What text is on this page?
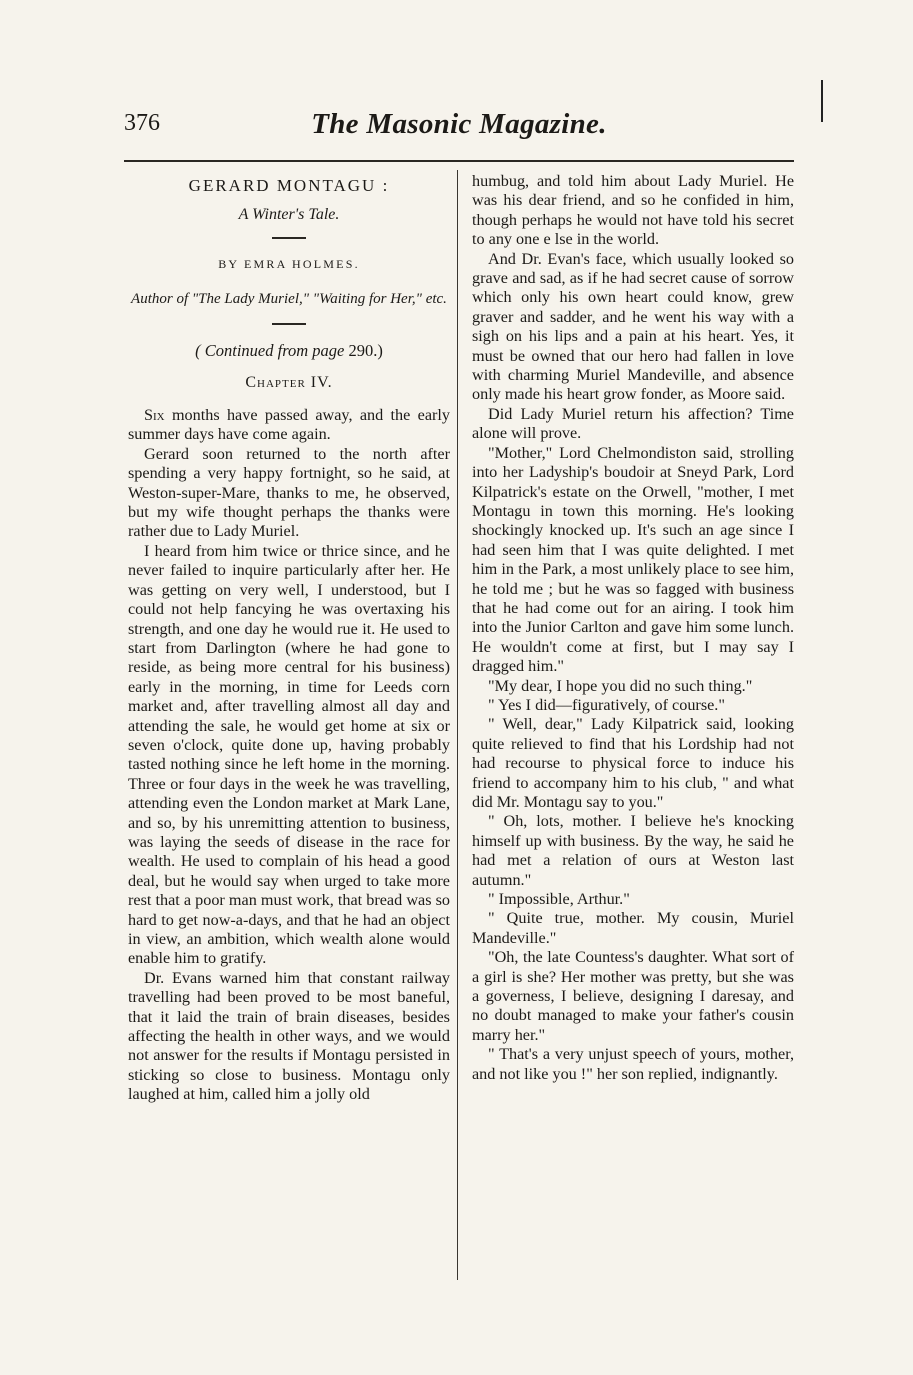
376	The Masonic Magazine.
GERARD MONTAGU :
A Winter's Tale.
BY EMRA HOLMES.
Author of "The Lady Muriel," "Waiting for Her," etc.
( Continued from page 290.)
Chapter IV.

Six months have passed away, and the early summer days have come again.

Gerard soon returned to the north after spending a very happy fortnight, so he said, at Weston-super-Mare, thanks to me, he observed, but my wife thought perhaps the thanks were rather due to Lady Muriel.

I heard from him twice or thrice since, and he never failed to inquire particularly after her. He was getting on very well, I understood, but I could not help fancying he was overtaxing his strength, and one day he would rue it. He used to start from Darlington (where he had gone to reside, as being more central for his business) early in the morning, in time for Leeds corn market and, after travelling almost all day and attending the sale, he would get home at six or seven o'clock, quite done up, having probably tasted nothing since he left home in the morning. Three or four days in the week he was travelling, attending even the London market at Mark Lane, and so, by his unremitting attention to business, was laying the seeds of disease in the race for wealth. He used to complain of his head a good deal, but he would say when urged to take more rest that a poor man must work, that bread was so hard to get now-a-days, and that he had an object in view, an ambition, which wealth alone would enable him to gratify.

Dr. Evans warned him that constant railway travelling had been proved to be most baneful, that it laid the train of brain diseases, besides affecting the health in other ways, and we would not answer for the results if Montagu persisted in sticking so close to business. Montagu only laughed at him, called him a jolly old

humbug, and told him about Lady Muriel. He was his dear friend, and so he confided in him, though perhaps he would not have told his secret to any one e lse in the world.

And Dr. Evan's face, which usually looked so grave and sad, as if he had secret cause of sorrow which only his own heart could know, grew graver and sadder, and he went his way with a sigh on his lips and a pain at his heart. Yes, it must be owned that our hero had fallen in love with charming Muriel Mandeville, and absence only made his heart grow fonder, as Moore said.

Did Lady Muriel return his affection? Time alone will prove.

"Mother," Lord Chelmondiston said, strolling into her Ladyship's boudoir at Sneyd Park, Lord Kilpatrick's estate on the Orwell, "mother, I met Montagu in town this morning. He's looking shockingly knocked up. It's such an age since I had seen him that I was quite delighted. I met him in the Park, a most unlikely place to see him, he told me ; but he was so fagged with business that he had come out for an airing. I took him into the Junior Carlton and gave him some lunch. He wouldn't come at first, but I may say I dragged him."

"My dear, I hope you did no such thing."

" Yes I did—figuratively, of course."

" Well, dear," Lady Kilpatrick said, looking quite relieved to find that his Lordship had not had recourse to physical force to induce his friend to accompany him to his club, " and what did Mr. Montagu say to you."

" Oh, lots, mother. I believe he's knocking himself up with business. By the way, he said he had met a relation of ours at Weston last autumn."

" Impossible, Arthur."

" Quite true, mother. My cousin, Muriel Mandeville."

"Oh, the late Countess's daughter. What sort of a girl is she? Her mother was pretty, but she was a governess, I believe, designing I daresay, and no doubt managed to make your father's cousin marry her."

" That's a very unjust speech of yours, mother, and not like you !" her son replied, indignantly.
